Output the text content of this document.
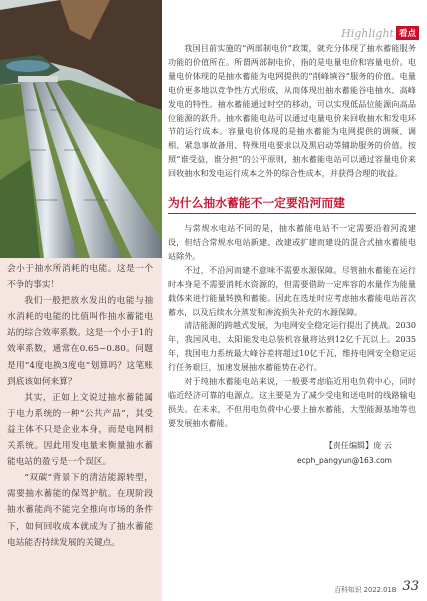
会小于抽水所消耗的电能。这是一个不争的事实！

我们一般把放水发出的电能与抽水消耗的电能的比值叫作抽水蓄能电站的综合效率系数。这是一个小于1的效率系数，通常在0.65~0.80。问题是用“4度电换3度电”划算吗？这笔账到底该如何来算？

其实，正如上文说过抽水蓄能属于电力系统的一种“公共产品”，其受益主体不只是企业本身，而是电网相关系统。因此用发电量来衡量抽水蓄能电站的盈亏是一个误区。

“双碳”背景下的清洁能源转型，需要抽水蓄能的保驾护航。在现阶段抽水蓄能尚不能完全推向市场的条件下，如何回收成本就成为了抽水蓄能电站能否持续发展的关键点。

Highlight 看点

我国目前实施的“两部制电价”政策，就充分体现了抽水蓄能服务功能的价值所在。所谓两部制电价，指的是电量电价和容量电价。电量电价体现的是抽水蓄能为电网提供的“削峰填谷”服务的价值。电量电价更多地以竞争性方式形成，从而体现出抽水蓄能谷电抽水、高峰发电的特性。抽水蓄能通过时空的移动，可以实现低品位能源向高品位能源的跃升。抽水蓄能电站可以通过电量电价来回收抽水和发电环节的运行成本。容量电价体现的是抽水蓄能为电网提供的调频、调相、紧急事故备用、特殊用电要求以及黑启动等辅助服务的价值。按照“谁受益，谁分担”的公平原则，抽水蓄能电站可以通过容量电价来回收抽水和发电运行成本之外的综合性成本，并获得合理的收益。

为什么抽水蓄能不一定要沿河而建

与常规水电站不同的是，抽水蓄能电站不一定需要沿着河流建设，但结合常规水电站新建、改建或扩建而建设的混合式抽水蓄能电站除外。

不过，不沿河而建不意味不需要水源保障。尽管抽水蓄能在运行时本身是不需要消耗水资源的，但需要借助一定库容的水量作为能量载体来进行能量转换和蓄能。因此在选址时应考虑抽水蓄能电站首次蓄水，以及后续水分蒸发和渗流损失补充的水源保障。

清洁能源的跨越式发展，为电网安全稳定运行提出了挑战。2030年，我国风电、太阳能发电总装机容量将达到12亿千瓦以上。2035年，我国电力系统最大峰谷差将超过10亿千瓦，维持电网安全稳定运行任务艰巨，加速发展抽水蓄能势在必行。

对于纯抽水蓄能电站来说，一般要考虑临近用电负荷中心，同时临近经济可靠的电源点。这主要是为了减少受电和送电时的线路输电损失。在未来，不但用电负荷中心要上抽水蓄能，大型能源基地等也要发展抽水蓄能。

【责任编辑】庞 云
ecph_pangyun@163.com
百科知识 2022.01B 33
